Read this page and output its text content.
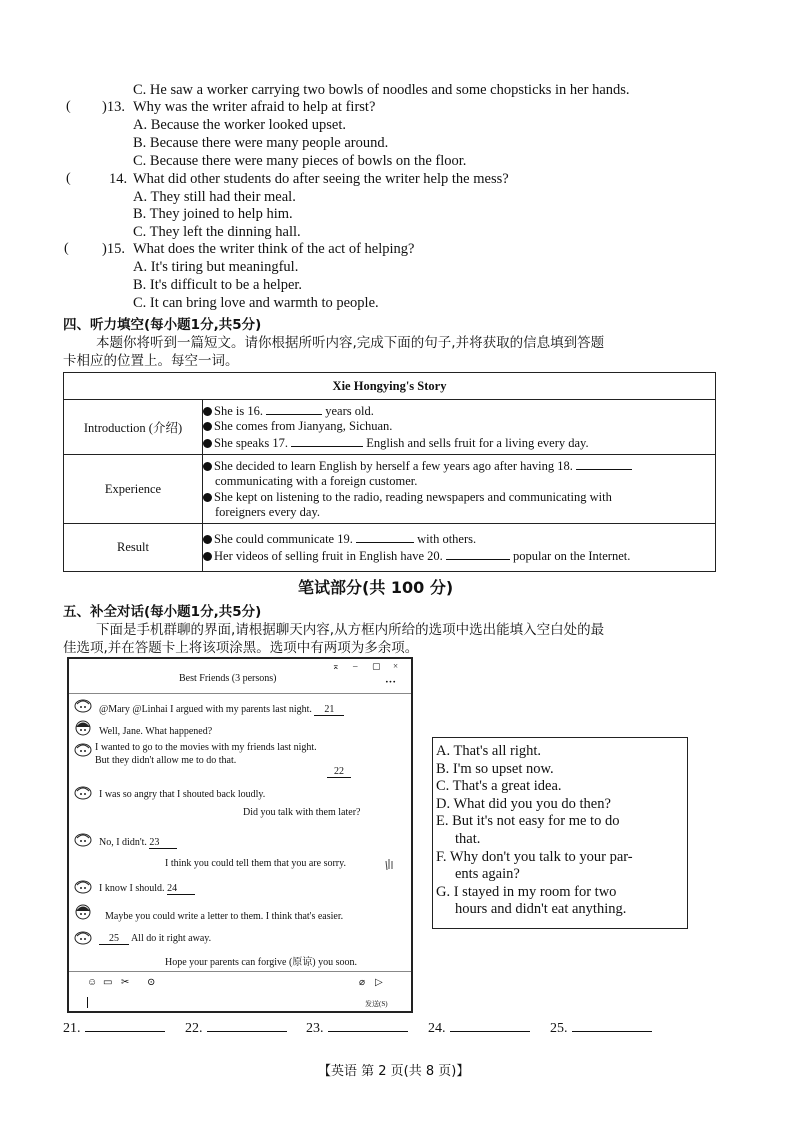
C. He saw a worker carrying two bowls of noodles and some chopsticks in her hands.
( )13. Why was the writer afraid to help at first?
A. Because the worker looked upset.
B. Because there were many people around.
C. Because there were many pieces of bowls on the floor.
(	14. What did other students do after seeing the writer help the mess?
A. They still had their meal.
B. They joined to help him.
C. They left the dinning hall.
( )15. What does the writer think of the act of helping?
A. It's tiring but meaningful.
B. It's difficult to be a helper.
C. It can bring love and warmth to people.
四、听力填空(每小题1分,共5分)
本题你将听到一篇短文。请你根据所听内容,完成下面的句子,并将获取的信息填到答题
卡相应的位置上。每空一词。
Xie Hongying's Story	
Introduction (介绍)	She is 16. years old.

She comes from Jianyang, Sichuan.

She speaks 17. English and sells fruit for a living every day.

Experience	She decided to learn English by herself a few years ago after having 18.

communicating with a foreign customer.

She kept on listening to the radio, reading newspapers and communicating with

foreigners every day.

Result	She could communicate 19. with others.

Her videos of selling fruit in English have 20. popular on the Internet.

笔试部分(共 100 分)
五、补全对话(每小题1分,共5分)
下面是手机群聊的界面,请根据聊天内容,从方框内所给的选项中选出能填入空白处的最
佳选项,并在答题卡上将该项涂黑。选项中有两项为多余项。
Best Friends (3 persons)
⌅ – ▢ ×
···
@Mary @Linhai I argued with my parents last night. 21
Well, Jane. What happened?
I wanted to go to the movies with my friends last night.
But they didn't allow me to do that.
22
I was so angry that I shouted back loudly.
Did you talk with them later?
No, I didn't. 23
I think you could tell them that you are sorry.
I know I should. 24
Maybe you could write a letter to them. I think that's easier.
25 All do it right away.
Hope your parents can forgive (原谅) you soon.
☺ ▭ ✂ ⊙	⌀ ▷
发送(S)

A. That's all right.

B. I'm so upset now.

C. That's a great idea.

D. What did you you do then?

E. But it's not easy for me to do

that.

F. Why don't you talk to your par-

ents again?

G. I stayed in my room for two

hours and didn't eat anything.

21.	22.	23.	24.	25.
【英语 第 2 页(共 8 页)】
